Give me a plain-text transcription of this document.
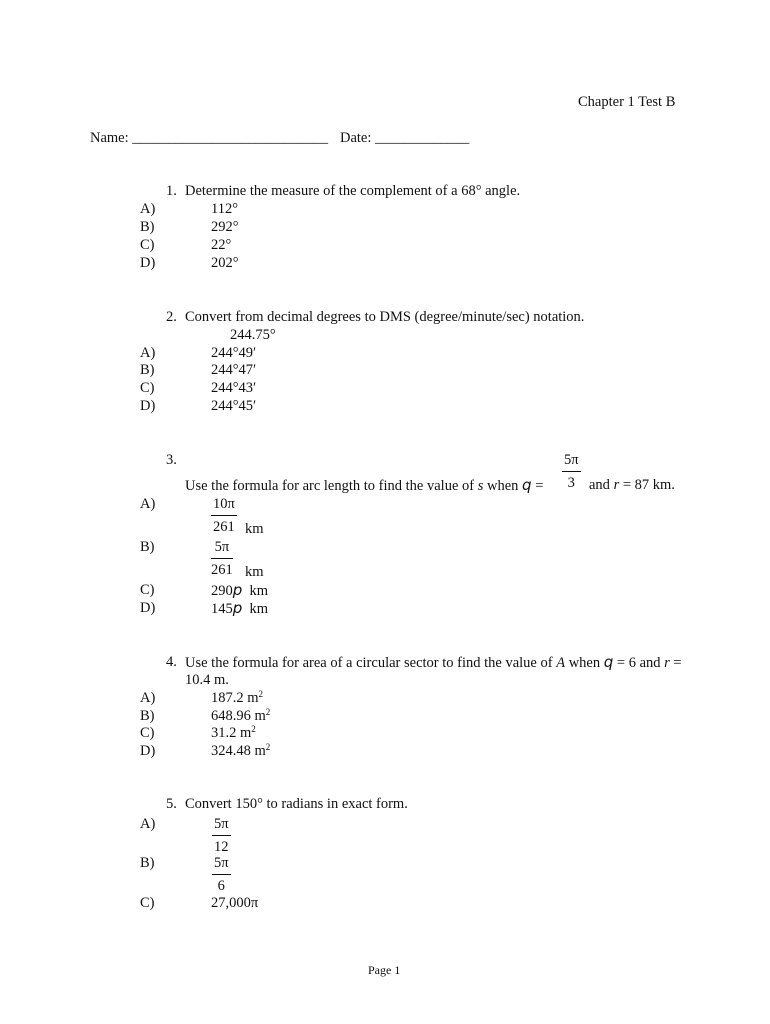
Chapter 1 Test B
Name: ___________________________ Date: _____________
1. Determine the measure of the complement of a 68° angle.
A)	112°
B)	292°
C)	22°
D)	202°
2. Convert from decimal degrees to DMS (degree/minute/sec) notation.
244.75°
A)	244°49′
B)	244°47′
C)	244°43′
D)	244°45′
3.
Use the formula for arc length to find the value of s when $q = \frac{5\pi}{3}$ and r = 87 km.
A)	$\frac{10\pi}{261}$ km
B)	$\frac{5\pi}{261}$ km
C)	290p km
D)	145p km
4. Use the formula for area of a circular sector to find the value of A when q = 6 and r =
10.4 m.
A)	187.2 $m^2$
B)	648.96 $m^2$
C)	31.2 $m^2$
D)	324.48 $m^2$
5. Convert 150° to radians in exact form.
A)	$\frac{5\pi}{12}$
B)	$\frac{5\pi}{6}$
C)	27,000π
Page 1
